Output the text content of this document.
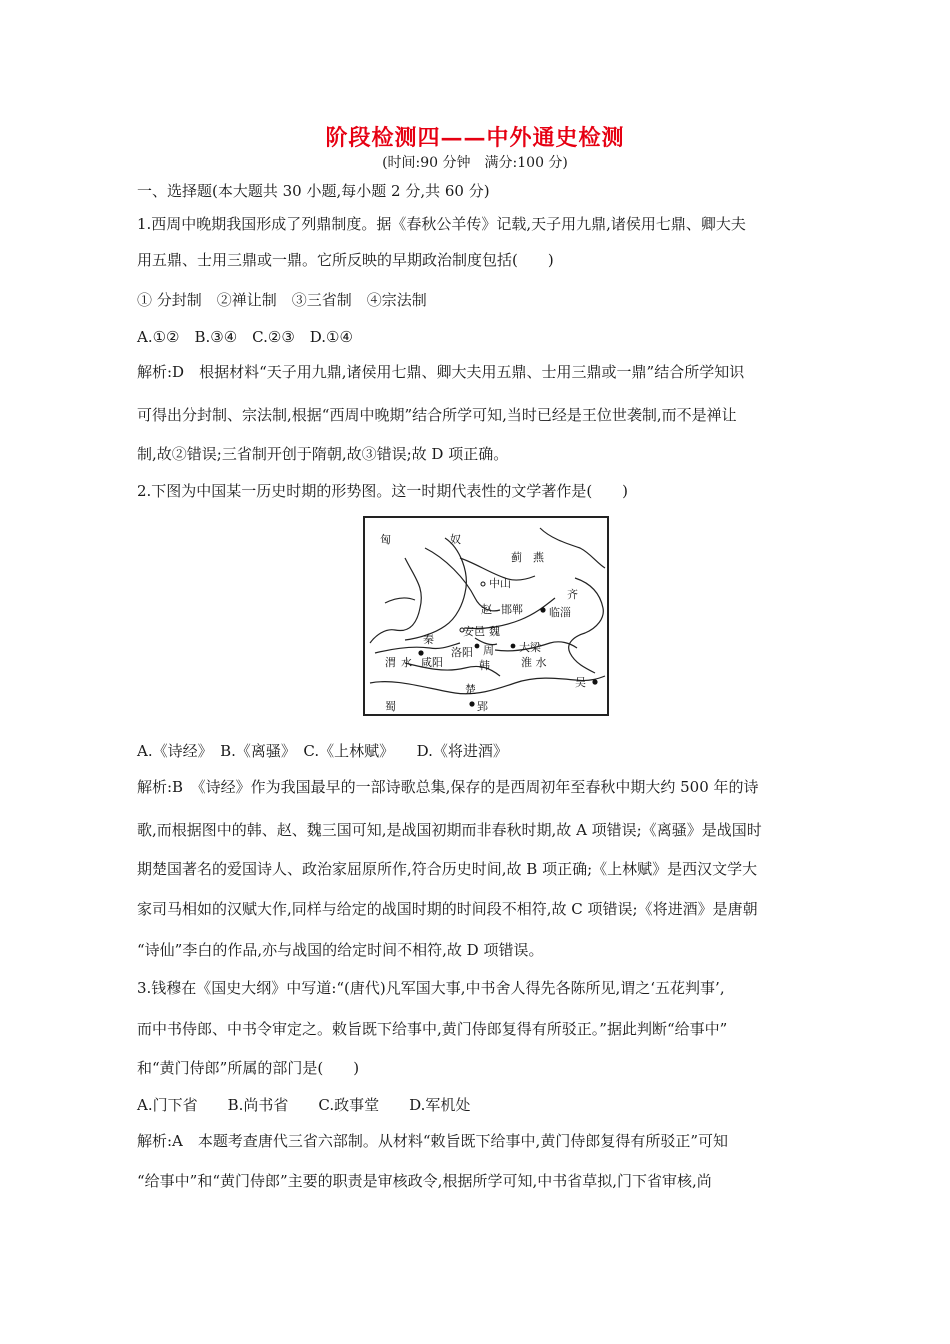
阶段检测四——中外通史检测
(时间:90 分钟　满分:100 分)
一、选择题(本大题共 30 小题,每小题 2 分,共 60 分)
1.西周中晚期我国形成了列鼎制度。据《春秋公羊传》记载,天子用九鼎,诸侯用七鼎、卿大夫
用五鼎、士用三鼎或一鼎。它所反映的早期政治制度包括(　　)
① 分封制　②禅让制　③三省制　④宗法制
A.①②　B.③④　C.②③　D.①④
解析:D　根据材料“天子用九鼎,诸侯用七鼎、卿大夫用五鼎、士用三鼎或一鼎”结合所学知识
可得出分封制、宗法制,根据“西周中晚期”结合所学可知,当时已经是王位世袭制,而不是禅让
制,故②错误;三省制开创于隋朝,故③错误;故 D 项正确。
2.下图为中国某一历史时期的形势图。这一时期代表性的文学著作是(　　)
匈	奴
蓟 燕
中山
齐
赵 邯郸 临淄
安邑 魏
秦
洛阳 周 大梁
渭 水 咸阳	韩	淮 水
吴
楚
蜀	郢
A.《诗经》　B.《离骚》　C.《上林赋》　　D.《将进酒》
解析:B　《诗经》作为我国最早的一部诗歌总集,保存的是西周初年至春秋中期大约 500 年的诗
歌,而根据图中的韩、赵、魏三国可知,是战国初期而非春秋时期,故 A 项错误;《离骚》是战国时
期楚国著名的爱国诗人、政治家屈原所作,符合历史时间,故 B 项正确;《上林赋》是西汉文学大
家司马相如的汉赋大作,同样与给定的战国时期的时间段不相符,故 C 项错误;《将进酒》是唐朝
“诗仙”李白的作品,亦与战国的给定时间不相符,故 D 项错误。
3.钱穆在《国史大纲》中写道:“(唐代)凡军国大事,中书舍人得先各陈所见,谓之‘五花判事’,
而中书侍郎、中书令审定之。敕旨既下给事中,黄门侍郎复得有所驳正。”据此判断“给事中”
和“黄门侍郎”所属的部门是(　　)
A.门下省　　B.尚书省　　C.政事堂　　D.军机处
解析:A　本题考查唐代三省六部制。从材料“敕旨既下给事中,黄门侍郎复得有所驳正”可知
“给事中”和“黄门侍郎”主要的职责是审核政令,根据所学可知,中书省草拟,门下省审核,尚
